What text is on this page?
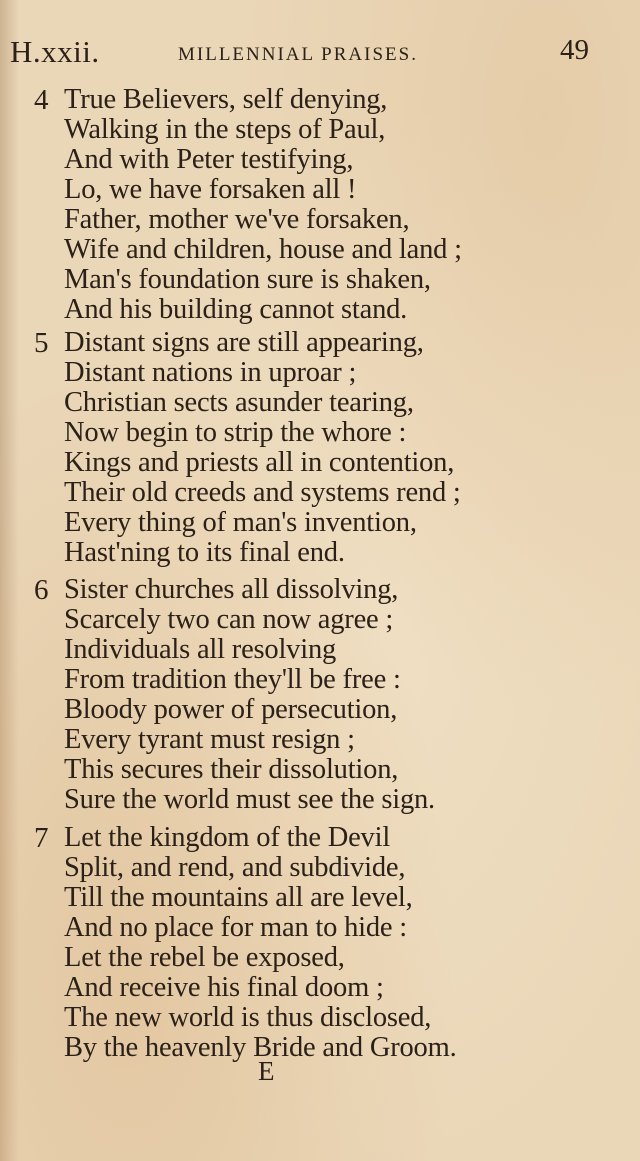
H.xxii.	MILLENNIAL PRAISES.	49
4 True Believers, self denying,
Walking in the steps of Paul,
And with Peter testifying,
Lo, we have forsaken all !
Father, mother we've forsaken,
Wife and children, house and land ;
Man's foundation sure is shaken,
And his building cannot stand.
5 Distant signs are still appearing,
Distant nations in uproar ;
Christian sects asunder tearing,
Now begin to strip the whore :
Kings and priests all in contention,
Their old creeds and systems rend ;
Every thing of man's invention,
Hast'ning to its final end.
6 Sister churches all dissolving,
Scarcely two can now agree ;
Individuals all resolving
From tradition they'll be free :
Bloody power of persecution,
Every tyrant must resign ;
This secures their dissolution,
Sure the world must see the sign.
7 Let the kingdom of the Devil
Split, and rend, and subdivide,
Till the mountains all are level,
And no place for man to hide :
Let the rebel be exposed,
And receive his final doom ;
The new world is thus disclosed,
By the heavenly Bride and Groom.
E
